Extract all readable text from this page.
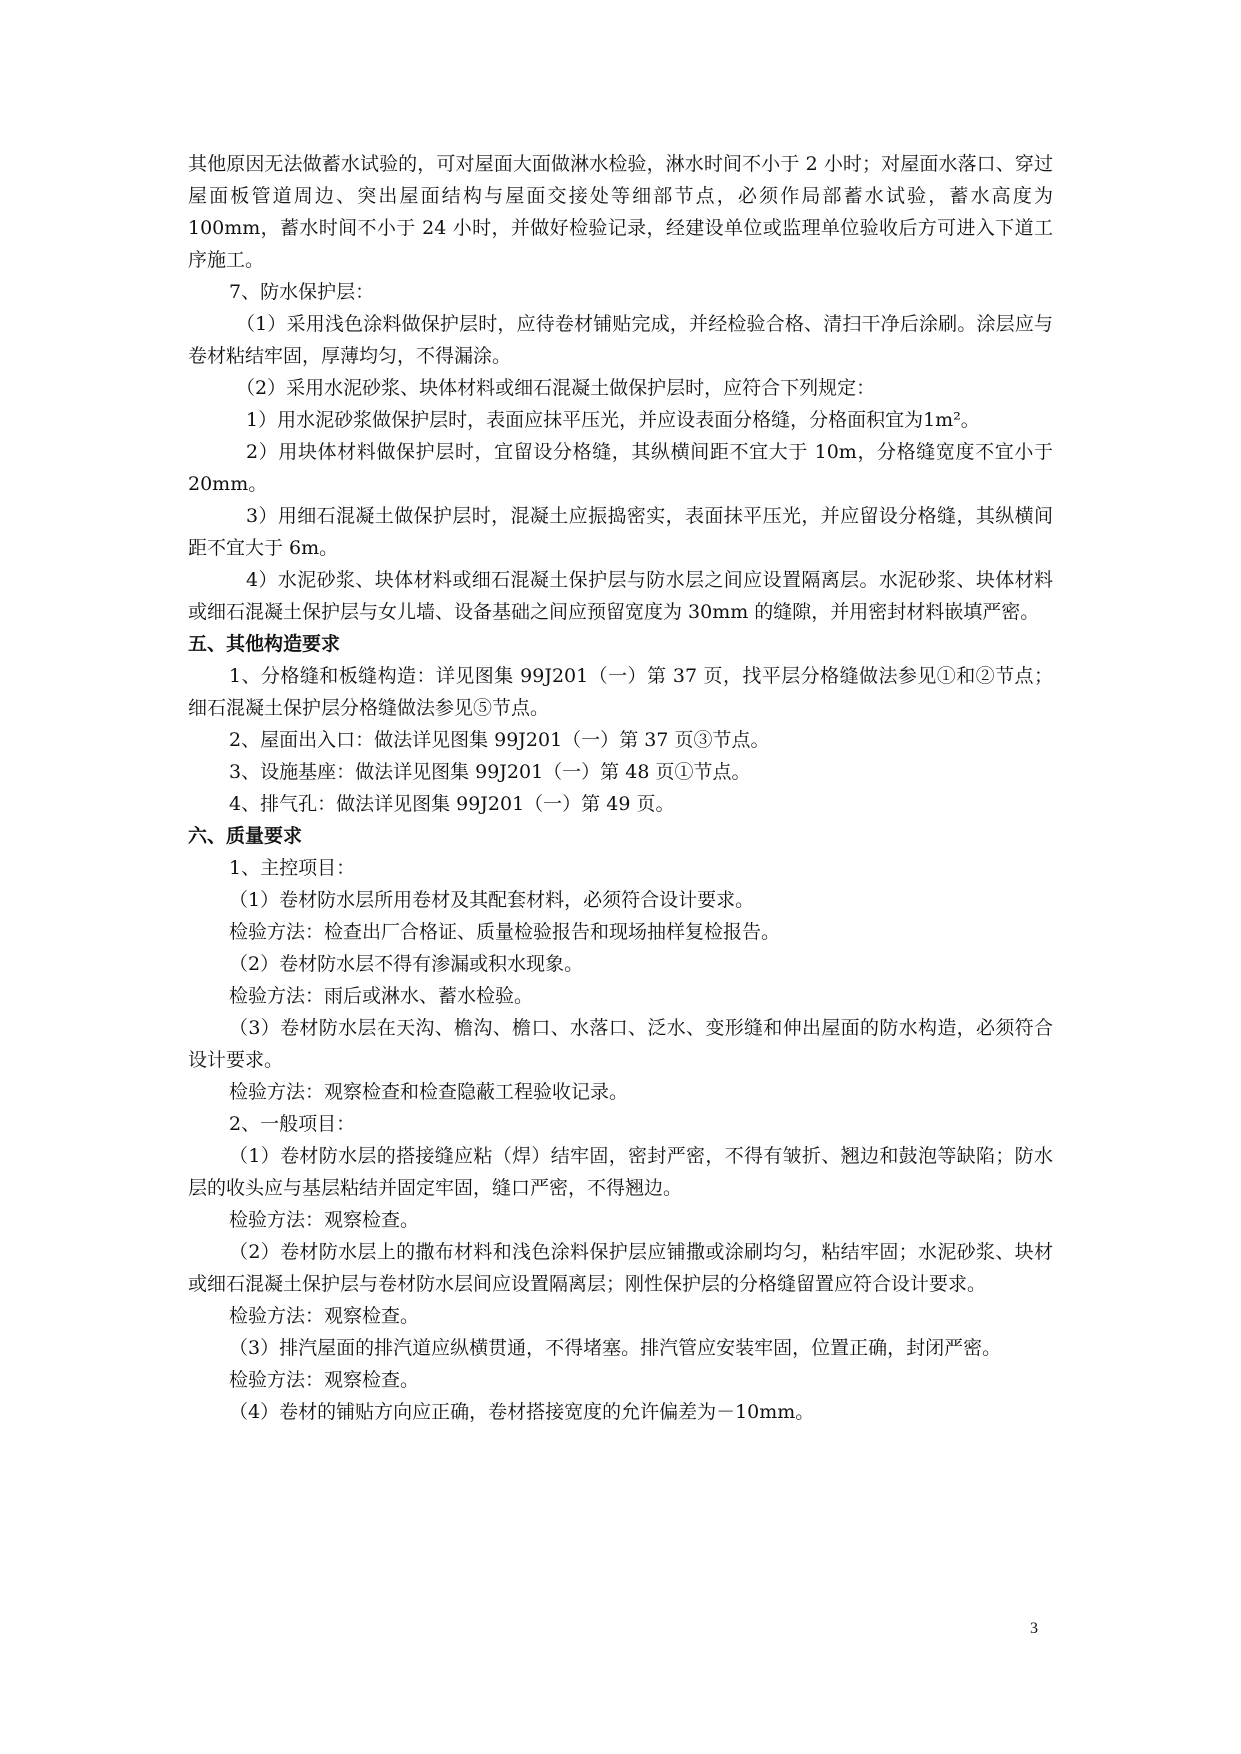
其他原因无法做蓄水试验的，可对屋面大面做淋水检验，淋水时间不小于 2 小时；对屋面水落口、穿过屋面板管道周边、突出屋面结构与屋面交接处等细部节点，必须作局部蓄水试验，蓄水高度为 100mm，蓄水时间不小于 24 小时，并做好检验记录，经建设单位或监理单位验收后方可进入下道工序施工。

7、防水保护层：

（1）采用浅色涂料做保护层时，应待卷材铺贴完成，并经检验合格、清扫干净后涂刷。涂层应与卷材粘结牢固，厚薄均匀，不得漏涂。

（2）采用水泥砂浆、块体材料或细石混凝土做保护层时，应符合下列规定：

1）用水泥砂浆做保护层时，表面应抹平压光，并应设表面分格缝，分格面积宜为1m²。

2）用块体材料做保护层时，宜留设分格缝，其纵横间距不宜大于 10m，分格缝宽度不宜小于 20mm。

3）用细石混凝土做保护层时，混凝土应振捣密实，表面抹平压光，并应留设分格缝，其纵横间距不宜大于 6m。

4）水泥砂浆、块体材料或细石混凝土保护层与防水层之间应设置隔离层。水泥砂浆、块体材料或细石混凝土保护层与女儿墙、设备基础之间应预留宽度为 30mm 的缝隙，并用密封材料嵌填严密。

五、其他构造要求

1、分格缝和板缝构造：详见图集 99J201（一）第 37 页，找平层分格缝做法参见①和②节点；细石混凝土保护层分格缝做法参见⑤节点。

2、屋面出入口：做法详见图集 99J201（一）第 37 页③节点。

3、设施基座：做法详见图集 99J201（一）第 48 页①节点。

4、排气孔：做法详见图集 99J201（一）第 49 页。

六、质量要求

1、主控项目：

（1）卷材防水层所用卷材及其配套材料，必须符合设计要求。

检验方法：检查出厂合格证、质量检验报告和现场抽样复检报告。

（2）卷材防水层不得有渗漏或积水现象。

检验方法：雨后或淋水、蓄水检验。

（3）卷材防水层在天沟、檐沟、檐口、水落口、泛水、变形缝和伸出屋面的防水构造，必须符合设计要求。

检验方法：观察检查和检查隐蔽工程验收记录。

2、一般项目：

（1）卷材防水层的搭接缝应粘（焊）结牢固，密封严密，不得有皱折、翘边和鼓泡等缺陷；防水层的收头应与基层粘结并固定牢固，缝口严密，不得翘边。

检验方法：观察检查。

（2）卷材防水层上的撒布材料和浅色涂料保护层应铺撒或涂刷均匀，粘结牢固；水泥砂浆、块材或细石混凝土保护层与卷材防水层间应设置隔离层；刚性保护层的分格缝留置应符合设计要求。

检验方法：观察检查。

（3）排汽屋面的排汽道应纵横贯通，不得堵塞。排汽管应安装牢固，位置正确，封闭严密。

检验方法：观察检查。

（4）卷材的铺贴方向应正确，卷材搭接宽度的允许偏差为－10mm。

3
